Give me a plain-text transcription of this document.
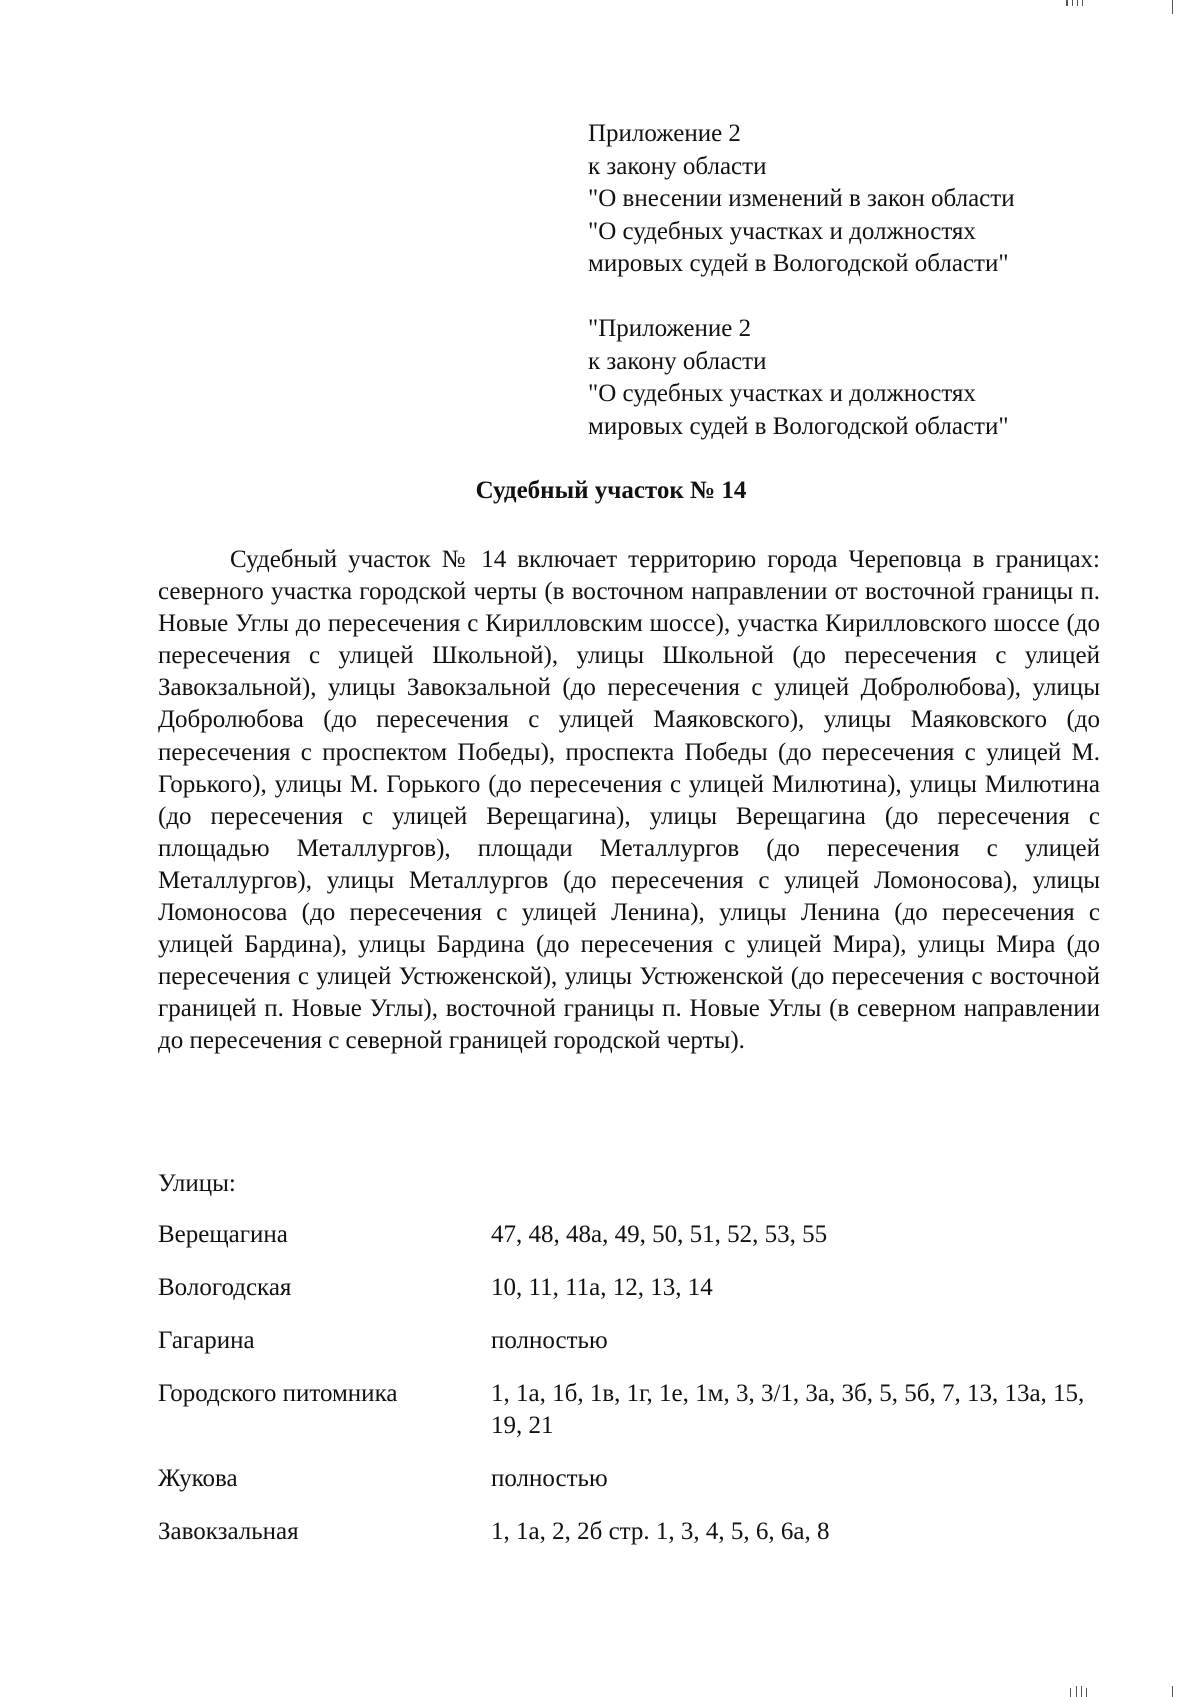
Приложение 2
к закону области
"О внесении изменений в закон области
"О судебных участках и должностях
мировых судей в Вологодской области"
"Приложение 2
к закону области
"О судебных участках и должностях
мировых судей в Вологодской области"
Судебный участок № 14

Судебный участок № 14 включает территорию города Череповца в границах: северного участка городской черты (в восточном направлении от восточной границы п. Новые Углы до пересечения с Кирилловским шоссе), участка Кирилловского шоссе (до пересечения с улицей Школьной), улицы Школьной (до пересечения с улицей Завокзальной), улицы Завокзальной (до пересечения с улицей Добролюбова), улицы Добролюбова (до пересечения с улицей Маяковского), улицы Маяковского (до пересечения с проспектом Победы), проспекта Победы (до пересечения с улицей М. Горького), улицы М. Горького (до пересечения с улицей Милютина), улицы Милютина (до пересечения с улицей Верещагина), улицы Верещагина (до пересечения с площадью Металлургов), площади Металлургов (до пересечения с улицей Металлургов), улицы Металлургов (до пересечения с улицей Ломоносова), улицы Ломоносова (до пересечения с улицей Ленина), улицы Ленина (до пересечения с улицей Бардина), улицы Бардина (до пересечения с улицей Мира), улицы Мира (до пересечения с улицей Устюженской), улицы Устюженской (до пересечения с восточной границей п. Новые Углы), восточной границы п. Новые Углы (в северном направлении до пересечения с северной границей городской черты).

Улицы:
Верещагина	47, 48, 48а, 49, 50, 51, 52, 53, 55
Вологодская	10, 11, 11а, 12, 13, 14
Гагарина	полностью
Городского питомника	1, 1а, 1б, 1в, 1г, 1е, 1м, 3, 3/1, 3а, 3б, 5, 5б, 7, 13, 13а, 15, 19, 21
Жукова	полностью
Завокзальная	1, 1а, 2, 2б стр. 1, 3, 4, 5, 6, 6а, 8
